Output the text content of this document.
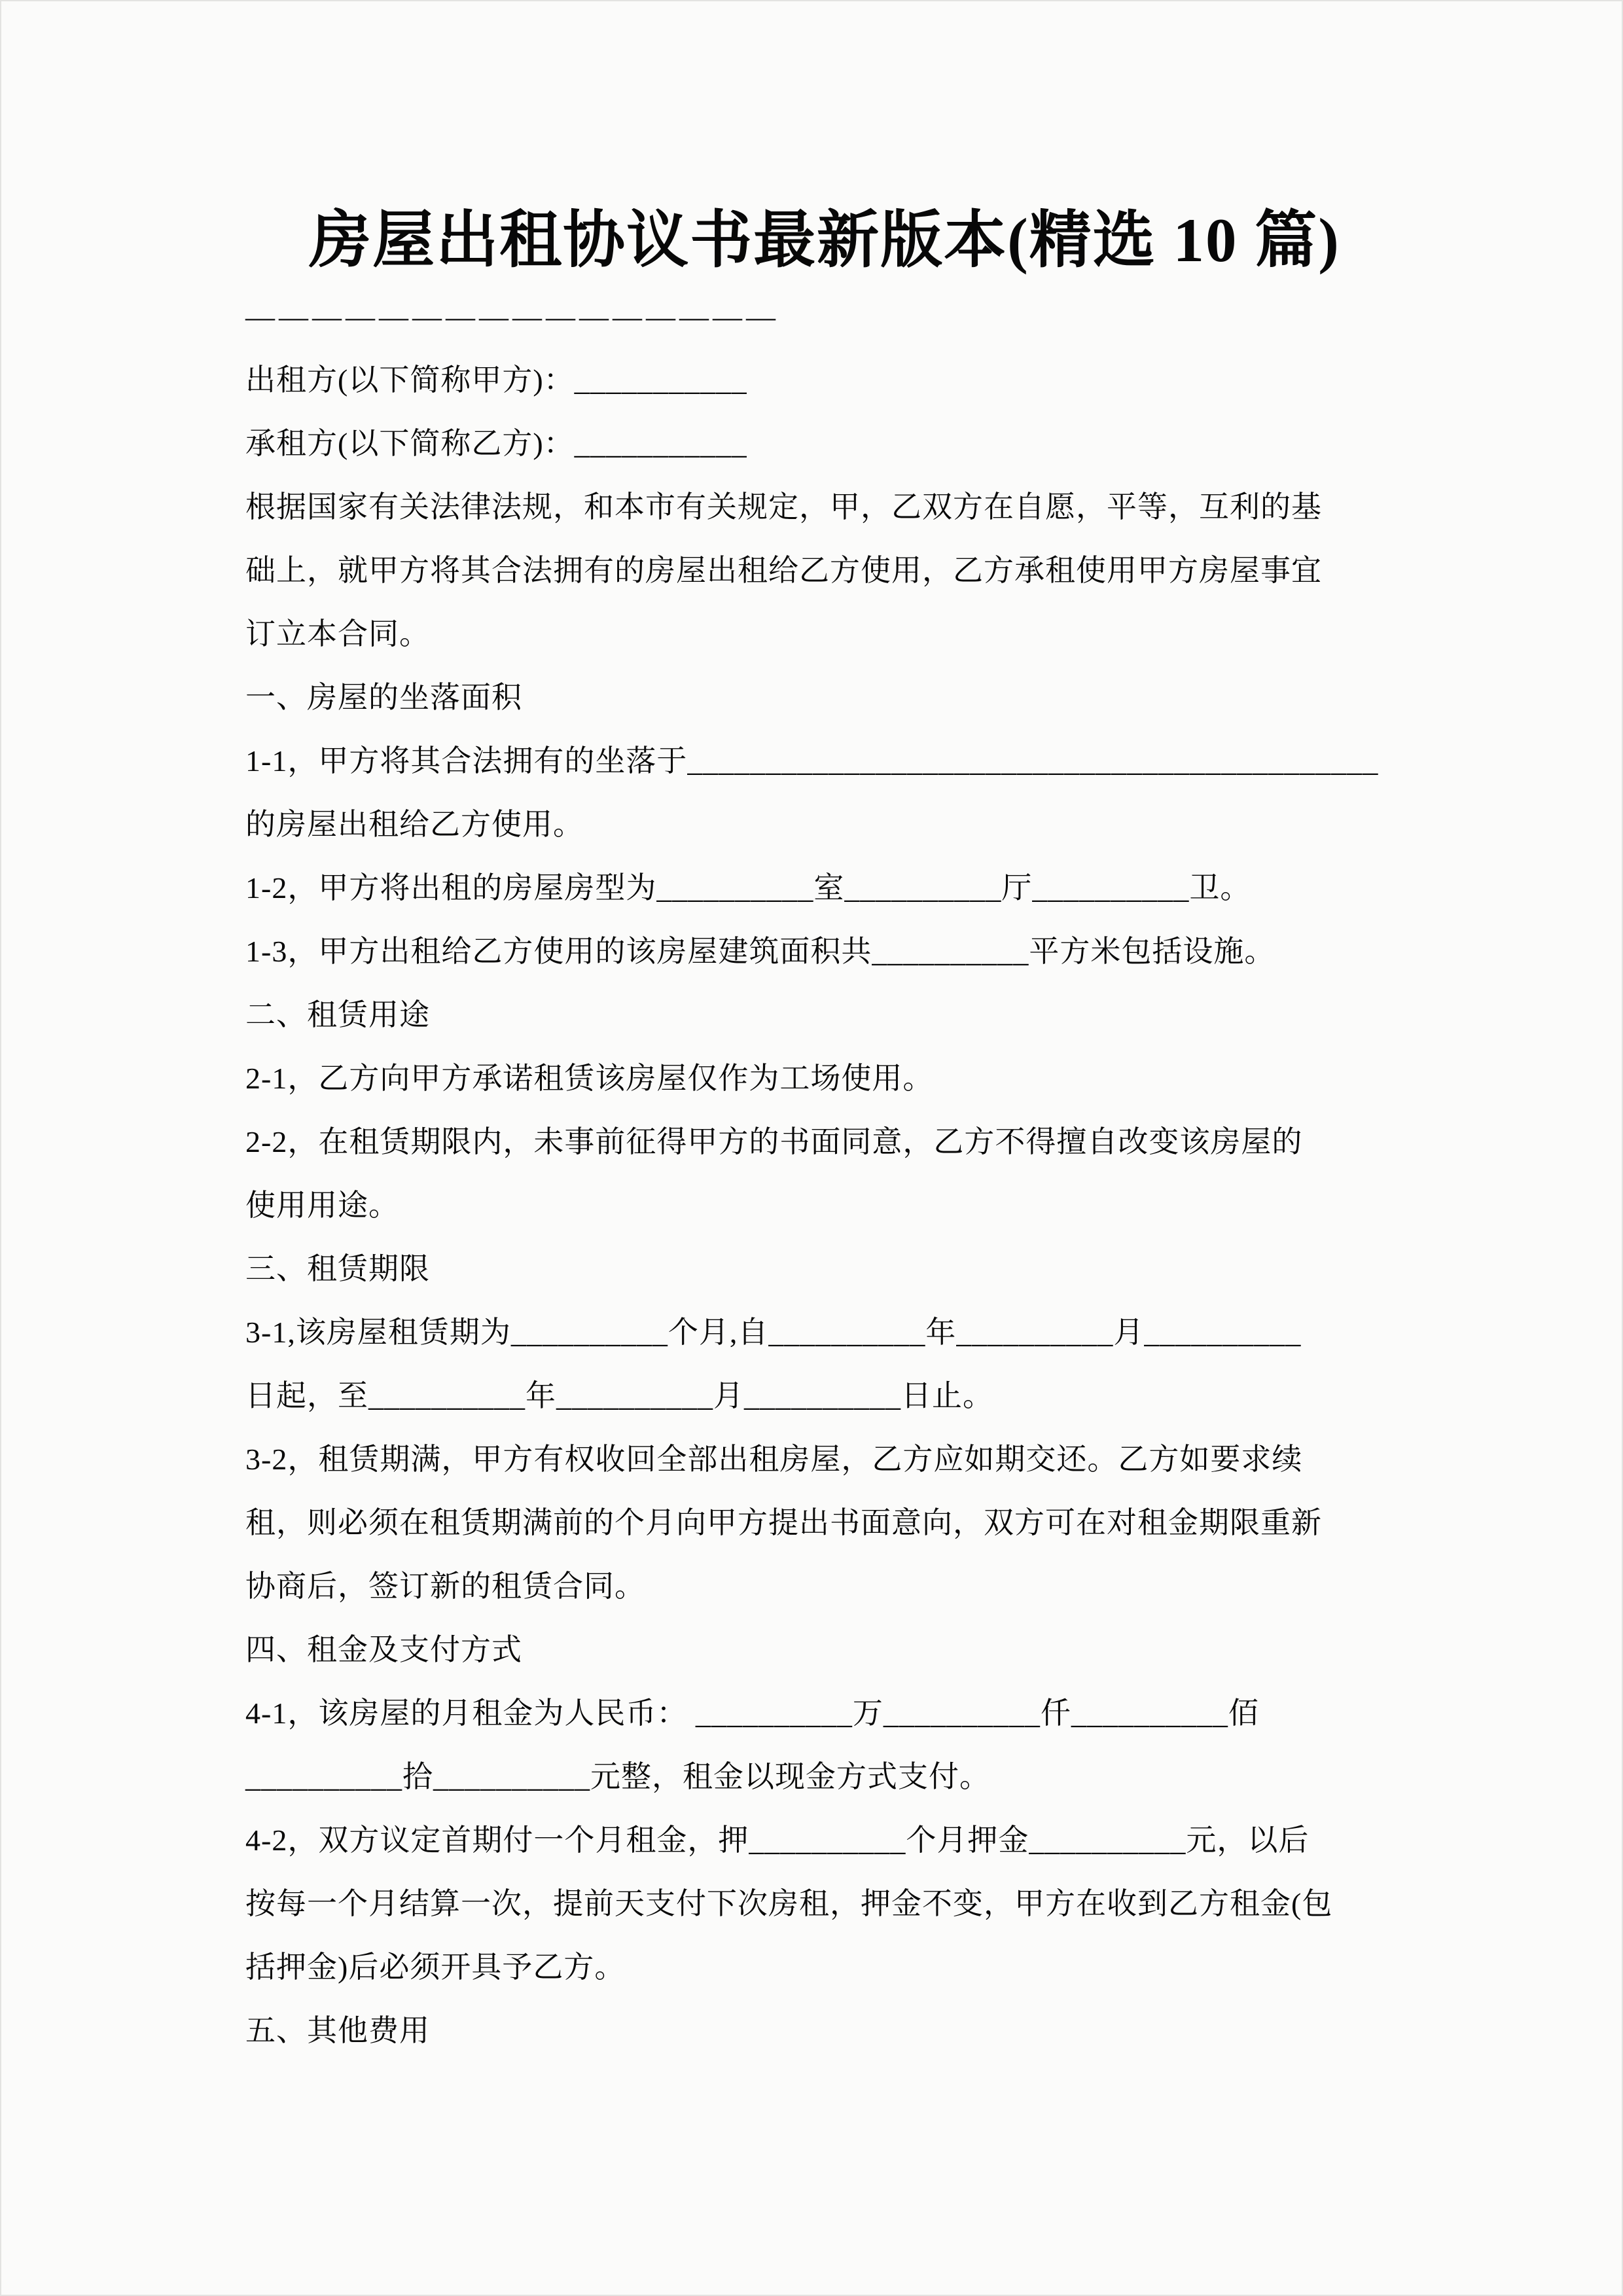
房屋出租协议书最新版本(精选 10 篇)
————————————————
出租方(以下简称甲方)：___________
承租方(以下简称乙方)：___________
根据国家有关法律法规，和本市有关规定，甲，乙双方在自愿，平等，互利的基
础上，就甲方将其合法拥有的房屋出租给乙方使用，乙方承租使用甲方房屋事宜
订立本合同。
一、房屋的坐落面积
1-1，甲方将其合法拥有的坐落于____________________________________________
的房屋出租给乙方使用。
1-2，甲方将出租的房屋房型为__________室__________厅__________卫。
1-3，甲方出租给乙方使用的该房屋建筑面积共__________平方米包括设施。
二、租赁用途
2-1，乙方向甲方承诺租赁该房屋仅作为工场使用。
2-2，在租赁期限内，未事前征得甲方的书面同意，乙方不得擅自改变该房屋的
使用用途。
三、租赁期限
3-1,该房屋租赁期为__________个月,自__________年__________月__________
日起，至__________年__________月__________日止。
3-2，租赁期满，甲方有权收回全部出租房屋，乙方应如期交还。乙方如要求续
租，则必须在租赁期满前的个月向甲方提出书面意向，双方可在对租金期限重新
协商后，签订新的租赁合同。
四、租金及支付方式
4-1，该房屋的月租金为人民币： __________万__________仟__________佰
__________拾__________元整，租金以现金方式支付。
4-2，双方议定首期付一个月租金，押__________个月押金__________元，以后
按每一个月结算一次，提前天支付下次房租，押金不变，甲方在收到乙方租金(包
括押金)后必须开具予乙方。
五、其他费用
